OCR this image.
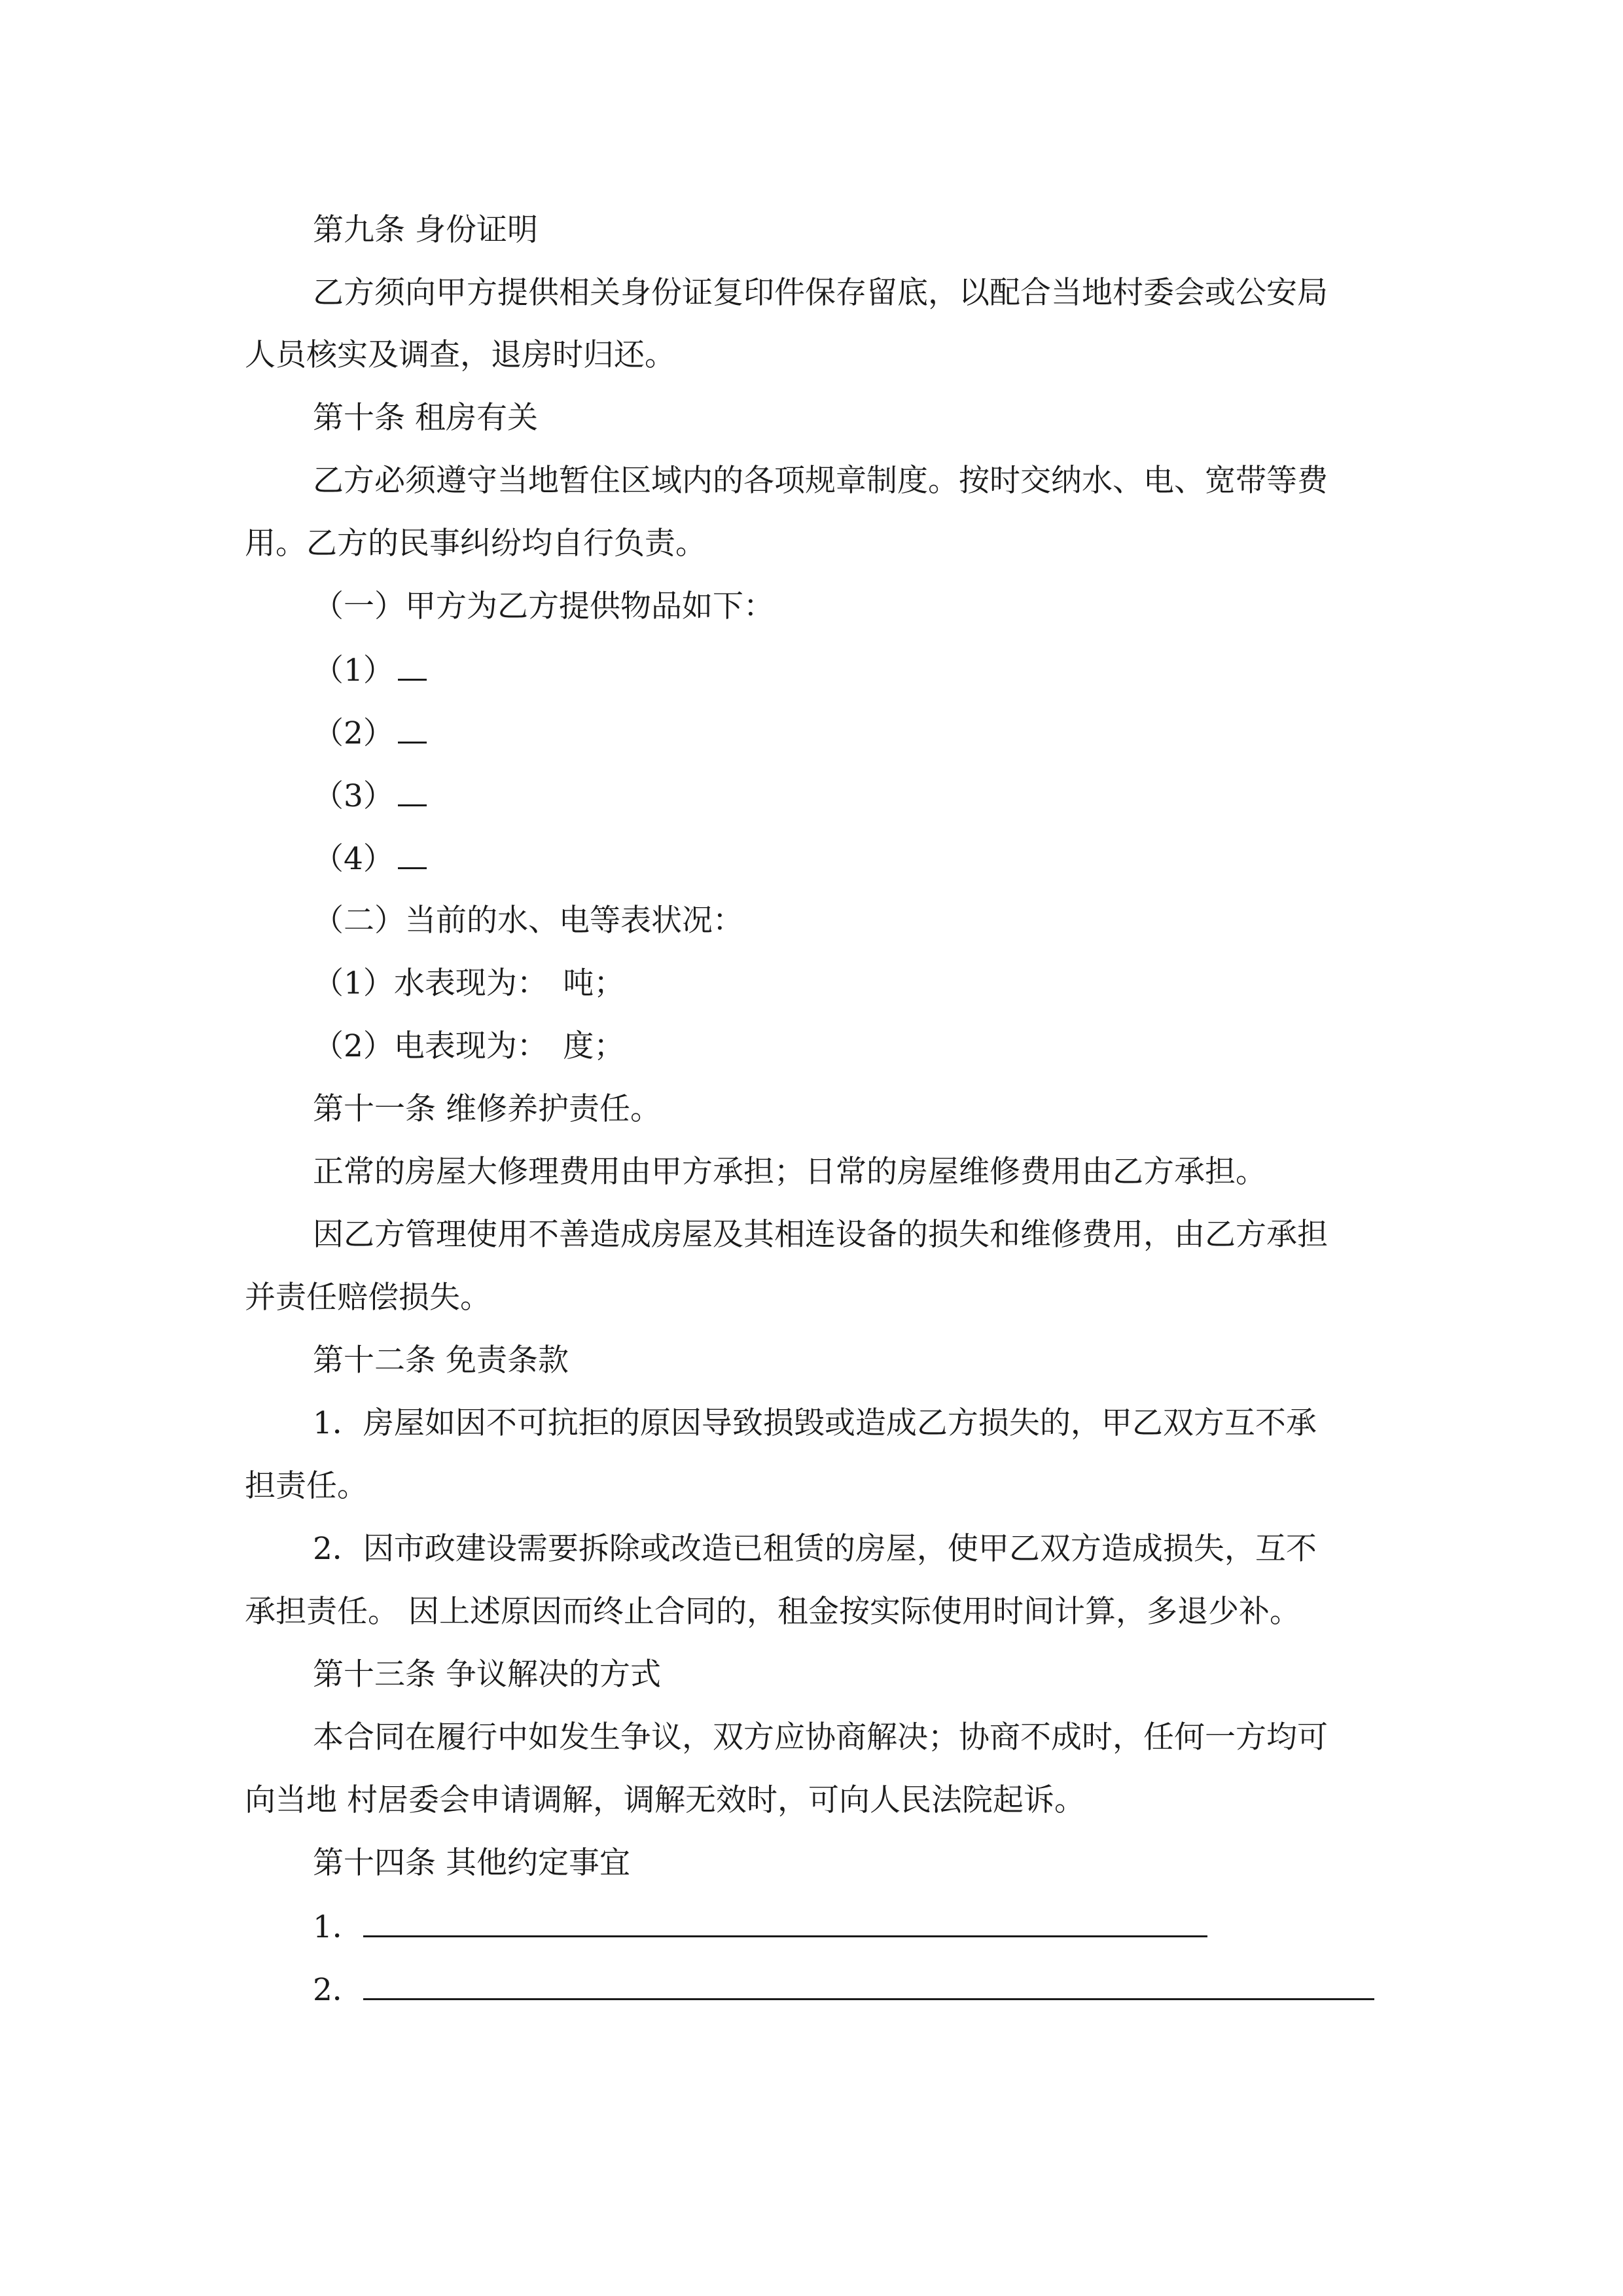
第九条 身份证明
乙方须向甲方提供相关身份证复印件保存留底，以配合当地村委会或公安局
人员核实及调查，退房时归还。
第十条 租房有关
乙方必须遵守当地暂住区域内的各项规章制度。按时交纳水、电、宽带等费
用。乙方的民事纠纷均自行负责。
（一）甲方为乙方提供物品如下：
（1）
（2）
（3）
（4）
（二）当前的水、电等表状况：
（1）水表现为：　吨；
（2）电表现为：　度；
第十一条 维修养护责任。
正常的房屋大修理费用由甲方承担；日常的房屋维修费用由乙方承担。
因乙方管理使用不善造成房屋及其相连设备的损失和维修费用，由乙方承担
并责任赔偿损失。
第十二条 免责条款
1．房屋如因不可抗拒的原因导致损毁或造成乙方损失的，甲乙双方互不承
担责任。
2．因市政建设需要拆除或改造已租赁的房屋，使甲乙双方造成损失，互不
承担责任。 因上述原因而终止合同的，租金按实际使用时间计算，多退少补。
第十三条 争议解决的方式
本合同在履行中如发生争议，双方应协商解决；协商不成时，任何一方均可
向当地 村居委会申请调解，调解无效时，可向人民法院起诉。
第十四条 其他约定事宜
1．
2．
